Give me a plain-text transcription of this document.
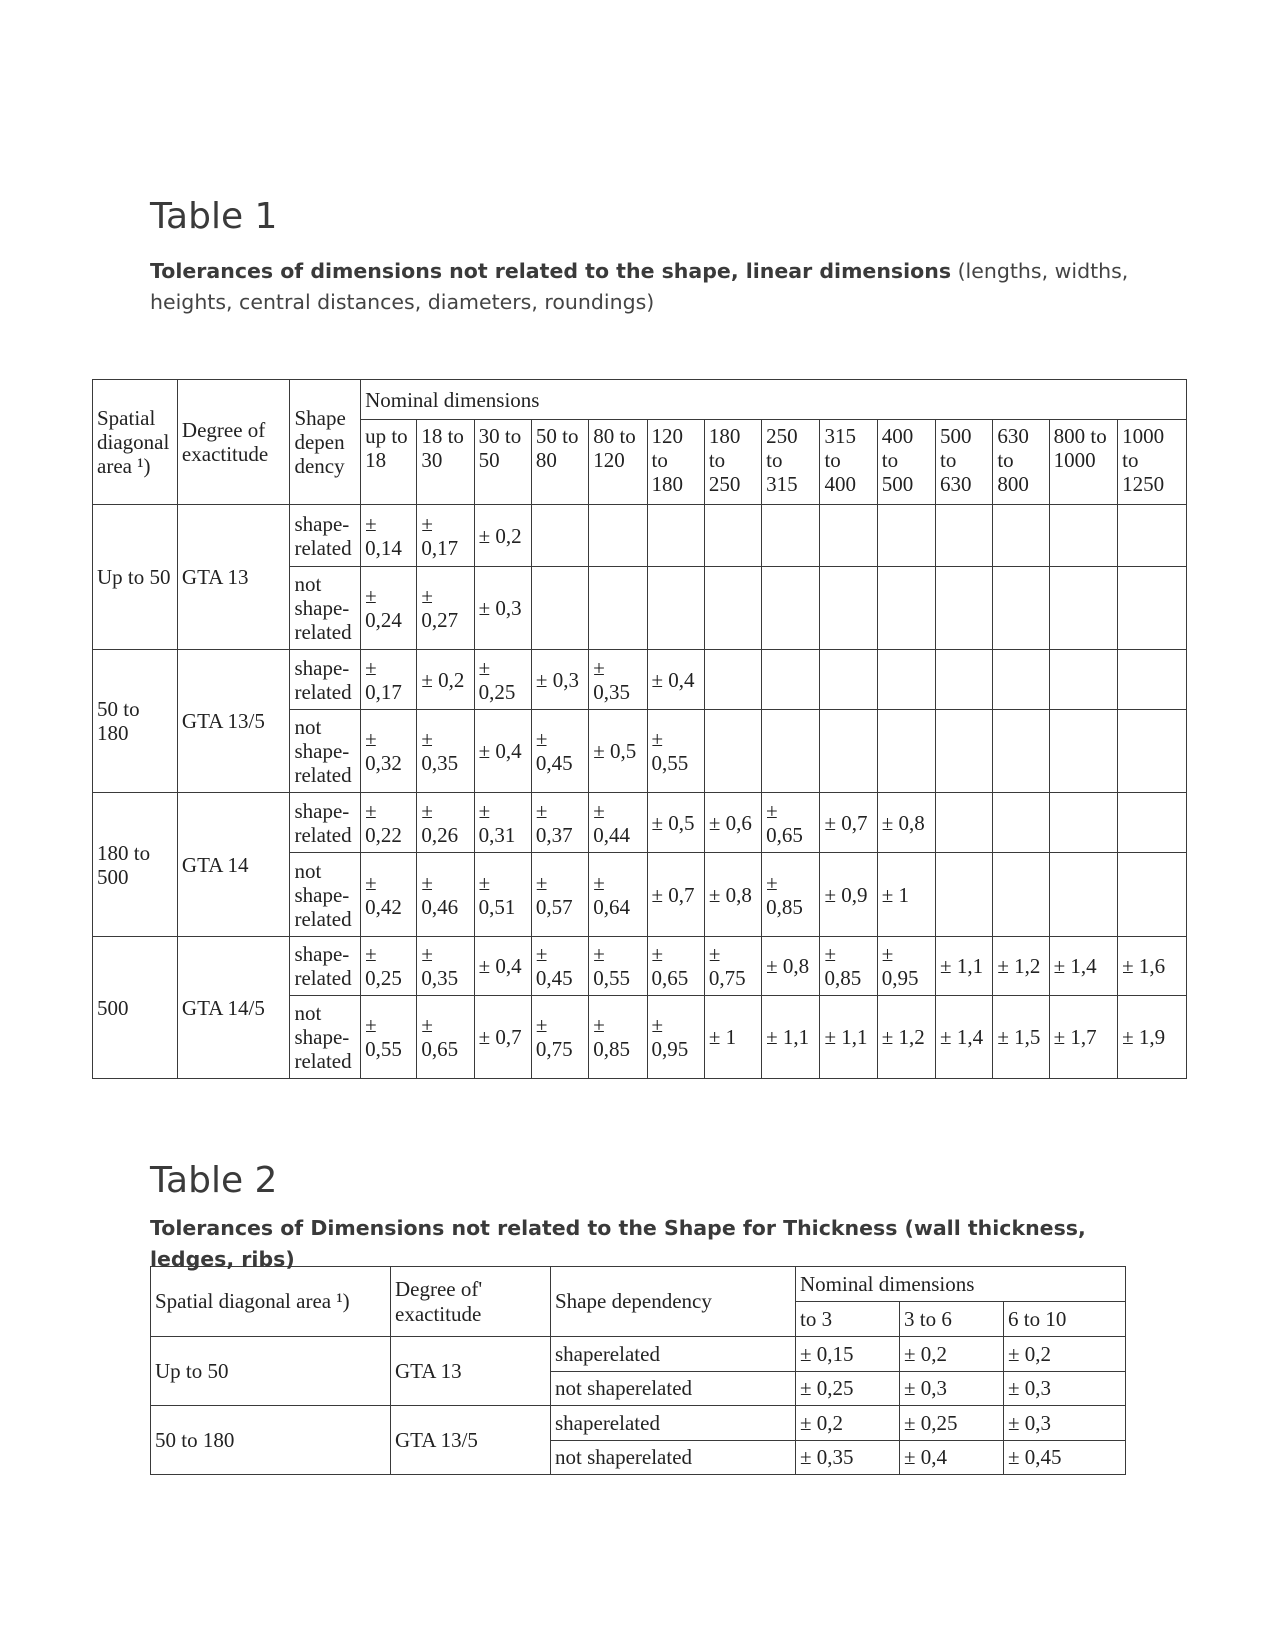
Table 1

Tolerances of dimensions not related to the shape, linear dimensions (lengths, widths, heights, central distances, diameters, roundings)

Spatial diagonal area ¹)	Degree of exactitude	Shape depen dency	Nominal dimensions													
			up to 18	18 to 30	30 to 50	50 to 80	80 to 120	120 to 180	180 to 250	250 to 315	315 to 400	400 to 500	500 to 630	630 to 800	800 to 1000	1000 to 1250
Up to 50	GTA 13	shape-related	± 0,14	± 0,17	± 0,2											
		not shape-related	± 0,24	± 0,27	± 0,3											
50 to 180	GTA 13/5	shape-related	± 0,17	± 0,2	± 0,25	± 0,3	± 0,35	± 0,4								
		not shape-related	± 0,32	± 0,35	± 0,4	± 0,45	± 0,5	± 0,55								
180 to 500	GTA 14	shape-related	± 0,22	± 0,26	± 0,31	± 0,37	± 0,44	± 0,5	± 0,6	± 0,65	± 0,7	± 0,8				
		not shape-related	± 0,42	± 0,46	± 0,51	± 0,57	± 0,64	± 0,7	± 0,8	± 0,85	± 0,9	± 1				
500	GTA 14/5	shape-related	± 0,25	± 0,35	± 0,4	± 0,45	± 0,55	± 0,65	± 0,75	± 0,8	± 0,85	± 0,95	± 1,1	± 1,2	± 1,4	± 1,6
		not shape-related	± 0,55	± 0,65	± 0,7	± 0,75	± 0,85	± 0,95	± 1	± 1,1	± 1,1	± 1,2	± 1,4	± 1,5	± 1,7	± 1,9
Table 2

Tolerances of Dimensions not related to the Shape for Thickness (wall thickness, ledges, ribs)

Spatial diagonal area ¹)	Degree of' exactitude	Shape dependency	Nominal dimensions		
			to 3	3 to 6	6 to 10
Up to 50	GTA 13	shaperelated	± 0,15	± 0,2	± 0,2
		not shaperelated	± 0,25	± 0,3	± 0,3
50 to 180	GTA 13/5	shaperelated	± 0,2	± 0,25	± 0,3
		not shaperelated	± 0,35	± 0,4	± 0,45
